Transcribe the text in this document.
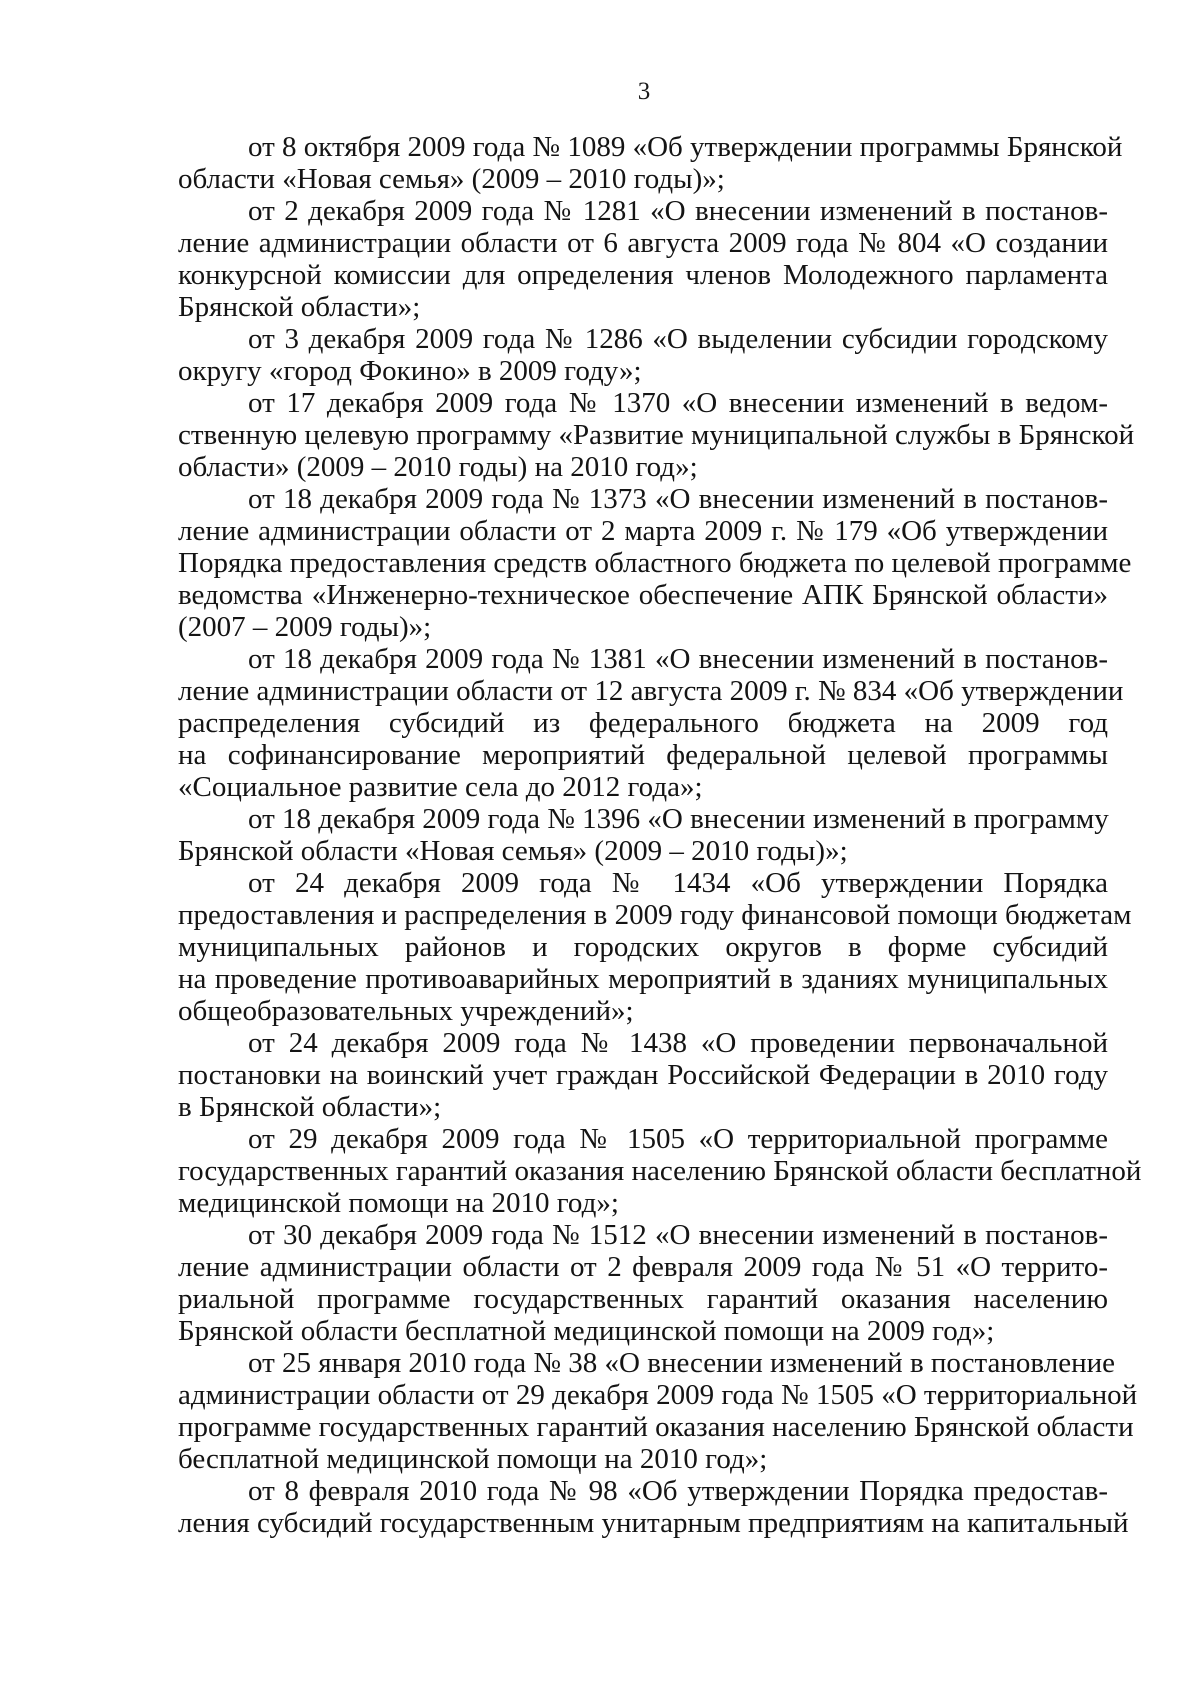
3
от 8 октября 2009 года № 1089 «Об утверждении программы Брянской
области «Новая семья» (2009 – 2010 годы)»;
от 2 декабря 2009 года № 1281 «О внесении изменений в постанов-
ление администрации области от 6 августа 2009 года № 804 «О создании
конкурсной комиссии для определения членов Молодежного парламента
Брянской области»;
от 3 декабря 2009 года № 1286 «О выделении субсидии городскому
округу «город Фокино» в 2009 году»;
от 17 декабря 2009 года № 1370 «О внесении изменений в ведом-
ственную целевую программу «Развитие муниципальной службы в Брянской
области» (2009 – 2010 годы) на 2010 год»;
от 18 декабря 2009 года № 1373 «О внесении изменений в постанов-
ление администрации области от 2 марта 2009 г. № 179 «Об утверждении
Порядка предоставления средств областного бюджета по целевой программе
ведомства «Инженерно-техническое обеспечение АПК Брянской области»
(2007 – 2009 годы)»;
от 18 декабря 2009 года № 1381 «О внесении изменений в постанов-
ление администрации области от 12 августа 2009 г. № 834 «Об утверждении
распределения субсидий из федерального бюджета на 2009 год
на софинансирование мероприятий федеральной целевой программы
«Социальное развитие села до 2012 года»;
от 18 декабря 2009 года № 1396 «О внесении изменений в программу
Брянской области «Новая семья» (2009 – 2010 годы)»;
от 24 декабря 2009 года № 1434 «Об утверждении Порядка
предоставления и распределения в 2009 году финансовой помощи бюджетам
муниципальных районов и городских округов в форме субсидий
на проведение противоаварийных мероприятий в зданиях муниципальных
общеобразовательных учреждений»;
от 24 декабря 2009 года № 1438 «О проведении первоначальной
постановки на воинский учет граждан Российской Федерации в 2010 году
в Брянской области»;
от 29 декабря 2009 года № 1505 «О территориальной программе
государственных гарантий оказания населению Брянской области бесплатной
медицинской помощи на 2010 год»;
от 30 декабря 2009 года № 1512 «О внесении изменений в постанов-
ление администрации области от 2 февраля 2009 года № 51 «О террито-
риальной программе государственных гарантий оказания населению
Брянской области бесплатной медицинской помощи на 2009 год»;
от 25 января 2010 года № 38 «О внесении изменений в постановление
администрации области от 29 декабря 2009 года № 1505 «О территориальной
программе государственных гарантий оказания населению Брянской области
бесплатной медицинской помощи на 2010 год»;
от 8 февраля 2010 года № 98 «Об утверждении Порядка предостав-
ления субсидий государственным унитарным предприятиям на капитальный
